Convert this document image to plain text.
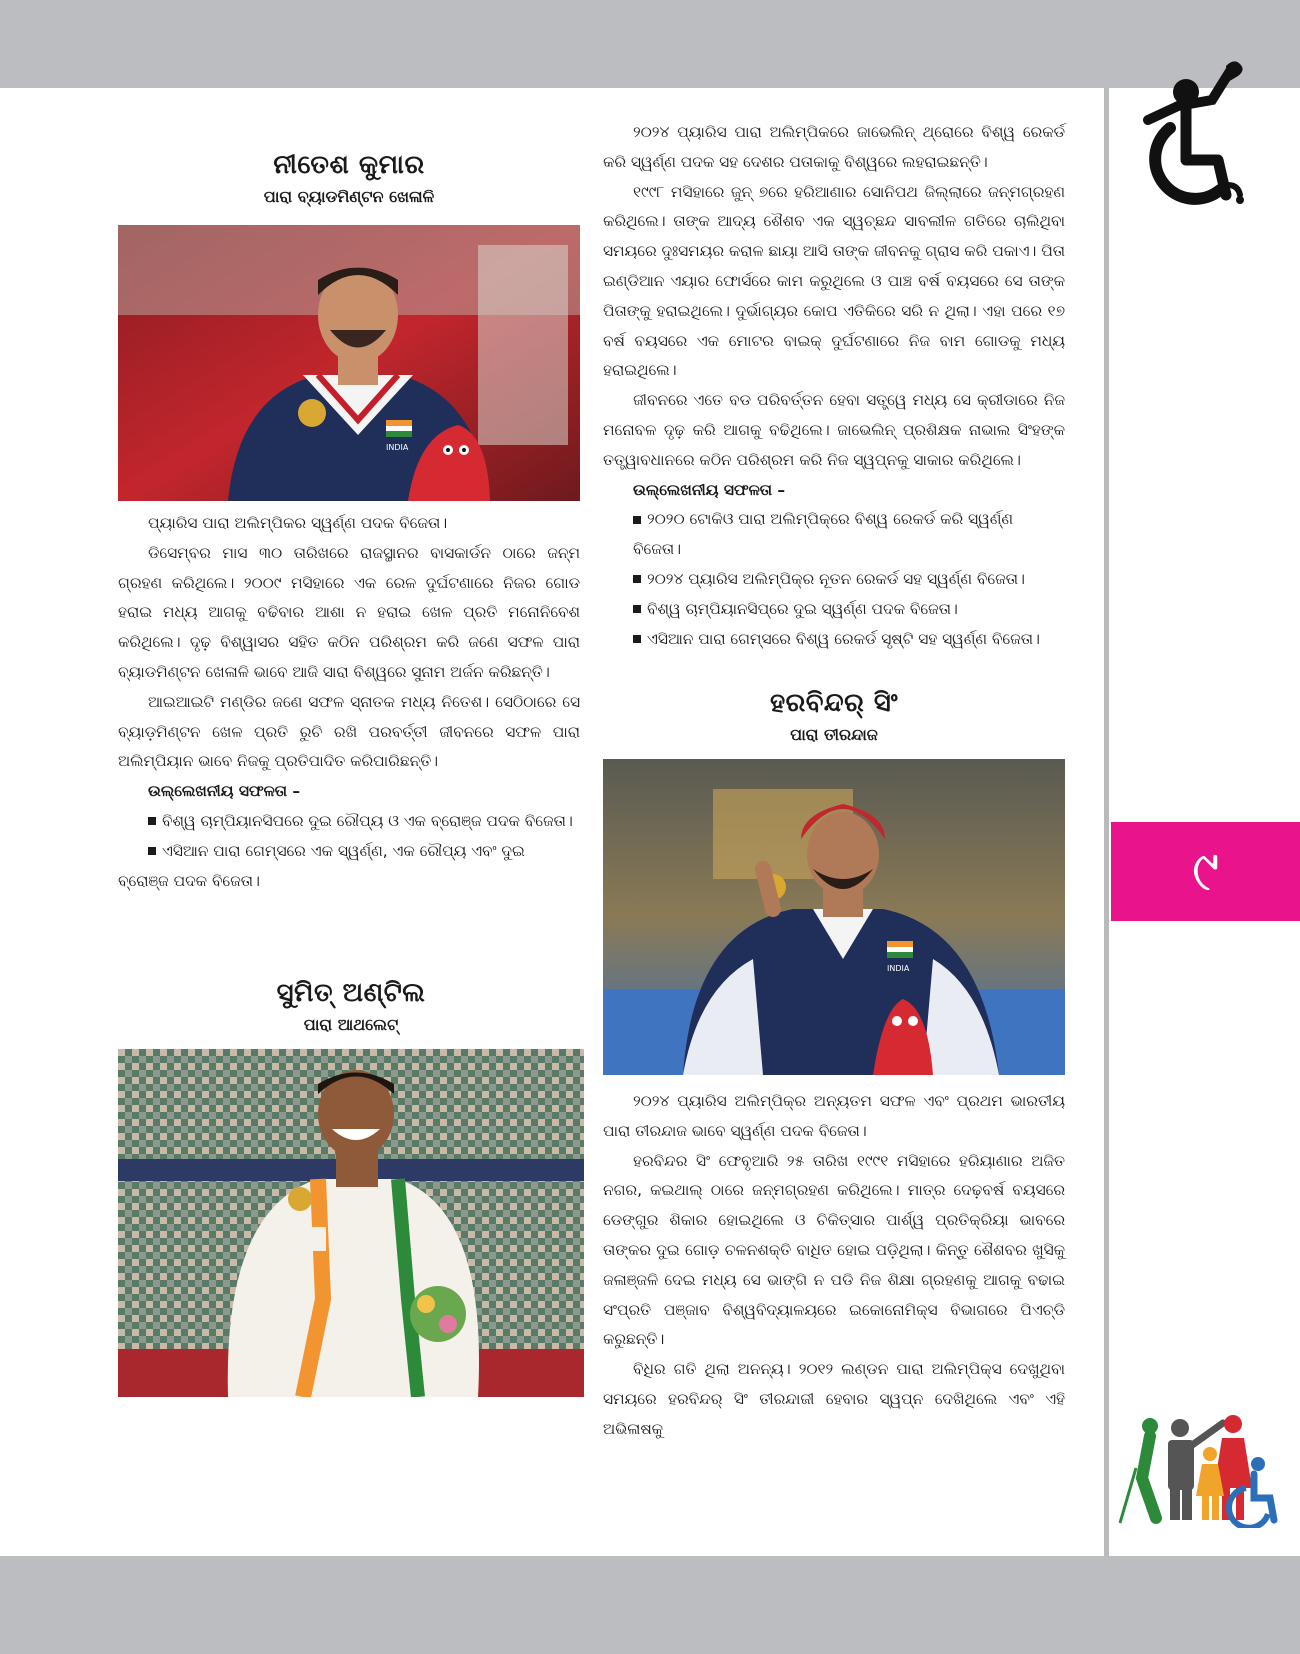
୯

ନୀତେଶ କୁମାର

ପାରା ବ୍ୟାଡମିଣ୍ଟନ ଖେଳାଳି

INDIA

ପ୍ୟାରିସ ପାରା ଅଲିମ୍ପିକର ସ୍ୱର୍ଣ୍ଣ ପଦକ ବିଜେତା।

ଡିସେମ୍ବର ମାସ ୩୦ ତାରିଖରେ ରାଜସ୍ଥାନର ବାସକାର୍ଡନ ଠାରେ ଜନ୍ମ ଗ୍ରହଣ କରିଥିଲେ। ୨୦୦୯ ମସିହାରେ ଏକ ରେଳ ଦୁର୍ଘଟଣାରେ ନିଜର ଗୋଡ ହରାଇ ମଧ୍ୟ ଆଗକୁ ବଢିବାର ଆଶା ନ ହରାଇ ଖେଳ ପ୍ରତି ମନୋନିବେଶ କରିଥିଲେ। ଦୃଢ଼ ବିଶ୍ୱାସର ସହିତ କଠିନ ପରିଶ୍ରମ କରି ଜଣେ ସଫଳ ପାରା ବ୍ୟାଡମିଣ୍ଟନ ଖେଳାଳି ଭାବେ ଆଜି ସାରା ବିଶ୍ୱରେ ସୁନାମ ଅର୍ଜନ କରିଛନ୍ତି।

ଆଇଆଇଟି ମଣ୍ଡିର ଜଣେ ସଫଳ ସ୍ନାତକ ମଧ୍ୟ ନିତେଶ। ସେଠିଠାରେ ସେ ବ୍ୟାଡ଼ମିଣ୍ଟନ ଖେଳ ପ୍ରତି ରୁଚି ରଖି ପରବର୍ତ୍ତୀ ଜୀବନରେ ସଫଳ ପାରା ଅଲିମ୍ପିୟାନ ଭାବେ ନିଜକୁ ପ୍ରତିପାଦିତ କରିପାରିଛନ୍ତି।

ଉଲ୍ଲେଖନୀୟ ସଫଳତା –

ବିଶ୍ୱ ଚାମ୍ପିୟାନସିପରେ ଦୁଇ ରୌପ୍ୟ ଓ ଏକ ବ୍ରୋଞ୍ଜ ପଦକ ବିଜେତା।
ଏସିଆନ ପାରା ଗେମ୍ସରେ ଏକ ସ୍ୱର୍ଣ୍ଣ, ଏକ ରୌପ୍ୟ ଏବଂ ଦୁଇ ବ୍ରୋଞ୍ଜ ପଦକ ବିଜେତା।

ସୁମିତ୍ ଅଣ୍ଟିଲ

ପାରା ଆଥଲେଟ୍

୨୦୨୪ ପ୍ୟାରିସ ପାରା ଅଲିମ୍ପିକରେ ଜାଭେଲିନ୍ ଥ୍ରୋରେ ବିଶ୍ୱ ରେକର୍ଡ କରି ସ୍ୱର୍ଣ୍ଣ ପଦକ ସହ ଦେଶର ପତାକାକୁ ବିଶ୍ୱରେ ଲହରାଇଛନ୍ତି।

୧୯୯୮ ମସିହାରେ ଜୁନ୍ ୭ରେ ହରିଆଣାର ସୋନିପଥ ଜିଲ୍ଲାରେ ଜନ୍ମଗ୍ରହଣ କରିଥିଲେ। ତାଙ୍କ ଆଦ୍ୟ ଶୈଶବ ଏକ ସ୍ୱଚ୍ଛନ୍ଦ ସାବଲୀଳ ଗତିରେ ଚାଲିଥିବା ସମୟରେ ଦୁଃସମୟର କରାଳ ଛାୟା ଆସି ତାଙ୍କ ଜୀବନକୁ ଗ୍ରାସ କରି ପକାଏ। ପିତା ଇଣ୍ଡିଆନ ଏୟାର ଫୋର୍ସରେ କାମ କରୁଥିଲେ ଓ ପାଞ୍ଚ ବର୍ଷ ବୟସରେ ସେ ତାଙ୍କ ପିତାଙ୍କୁ ହରାଇଥିଲେ। ଦୁର୍ଭାଗ୍ୟର କୋପ ଏତିକିରେ ସରି ନ ଥିଲା। ଏହା ପରେ ୧୭ ବର୍ଷ ବୟସରେ ଏକ ମୋଟର ବାଇକ୍ ଦୁର୍ଘଟଣାରେ ନିଜ ବାମ ଗୋଡକୁ ମଧ୍ୟ ହରାଇଥିଲେ।

ଜୀବନରେ ଏତେ ବଡ ପରିବର୍ତ୍ତନ ହେବା ସତ୍ତ୍ୱେ ମଧ୍ୟ ସେ କ୍ରୀଡାରେ ନିଜ ମନୋବଳ ଦୃଢ଼ କରି ଆଗକୁ ବଢିଥିଲେ। ଜାଭେଲିନ୍ ପ୍ରଶିକ୍ଷକ ନାଭାଲ ସିଂହଙ୍କ ତତ୍ତ୍ୱାବଧାନରେ କଠିନ ପରିଶ୍ରମ କରି ନିଜ ସ୍ୱପ୍ନକୁ ସାକାର କରିଥିଲେ।

ଉଲ୍ଲେଖନୀୟ ସଫଳତା –

୨୦୨୦ ଟୋକିଓ ପାରା ଅଲିମ୍ପିକ୍‌ରେ ବିଶ୍ୱ ରେକର୍ଡ କରି ସ୍ୱର୍ଣ୍ଣ ବିଜେତା।
୨୦୨୪ ପ୍ୟାରିସ ଅଲିମ୍ପିକ୍‌ର ନୂତନ ରେକର୍ଡ ସହ ସ୍ୱର୍ଣ୍ଣ ବିଜେତା।
ବିଶ୍ୱ ଚାମ୍ପିୟାନସିପ୍‌ରେ ଦୁଇ ସ୍ୱର୍ଣ୍ଣ ପଦକ ବିଜେତା।
ଏସିଆନ ପାରା ଗେମ୍ସରେ ବିଶ୍ୱ ରେକର୍ଡ ସୃଷ୍ଟି ସହ ସ୍ୱର୍ଣ୍ଣ ବିଜେତା।

ହରବିନ୍ଦର୍ ସିଂ

ପାରା ତୀରନ୍ଦାଜ

INDIA

୨୦୨୪ ପ୍ୟାରିସ ଅଲିମ୍ପିକ୍‌ର ଅନ୍ୟତମ ସଫଳ ଏବଂ ପ୍ରଥମ ଭାରତୀୟ ପାରା ତୀରନ୍ଦାଜ ଭାବେ ସ୍ୱର୍ଣ୍ଣ ପଦକ ବିଜେତା।

ହରବିନ୍ଦର ସିଂ ଫେବୃଆରି ୨୫ ତାରିଖ ୧୯୯୧ ମସିହାରେ ହରିୟାଣାର ଅଜିତ ନଗର, କଇଥାଲ୍ ଠାରେ ଜନ୍ମଗ୍ରହଣ କରିଥିଲେ। ମାତ୍ର ଦେଢ଼ବର୍ଷ ବୟସରେ ଡେଙ୍ଗୁର ଶିକାର ହୋଇଥିଲେ ଓ ଚିକିତ୍ସାର ପାର୍ଶ୍ୱ ପ୍ରତିକ୍ରିୟା ଭାବରେ ତାଙ୍କର ଦୁଇ ଗୋଡ଼ ଚଳନଶକ୍ତି ବାଧିତ ହୋଇ ପଡ଼ିଥିଲା। କିନ୍ତୁ ଶୈଶବର ଖୁସିକୁ ଜଳାଞ୍ଜଳି ଦେଇ ମଧ୍ୟ ସେ ଭାଙ୍ଗି ନ ପଡି ନିଜ ଶିକ୍ଷା ଗ୍ରହଣକୁ ଆଗକୁ ବଢାଇ ସଂପ୍ରତି ପଞ୍ଜାବ ବିଶ୍ୱବିଦ୍ୟାଳୟରେ ଇକୋନୋମିକ୍ସ ବିଭାଗରେ ପିଏଚ୍‌ଡି କରୁଛନ୍ତି।

ବିଧିର ଗତି ଥିଲା ଅନନ୍ୟ। ୨୦୧୨ ଲଣ୍ଡନ ପାରା ଅଲିମ୍ପିକ୍ସ ଦେଖୁଥିବା ସମୟରେ ହରବିନ୍ଦର୍ ସିଂ ତୀରନ୍ଦାଜୀ ହେବାର ସ୍ୱପ୍ନ ଦେଖିଥିଲେ ଏବଂ ଏହି ଅଭିଳାଷକୁ
